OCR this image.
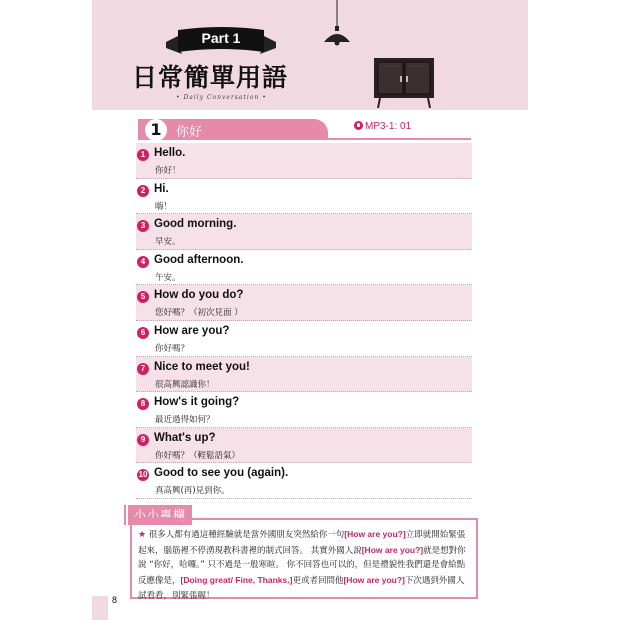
Part 1
日常簡單用語
• Daily Conversation •
1	你好	MP3-1: 01
1 Hello.
你好！
2 Hi.
嗨！
3 Good morning.
早安。
4 Good afternoon.
午安。
5 How do you do?
您好嗎？（初次見面 ）
6 How are you?
你好嗎？
7 Nice to meet you!
很高興認識你！
8 How's it going?
最近過得如何？
9 What's up?
你好嗎？（輕鬆語氣）
10 Good to see you (again).
真高興(再)見到你。
小小專欄
★ 很多人都有過這種經驗就是當外國朋友突然給你一句[How are you?]立即就開始緊張起來，腦筋裡不停湧現教科書裡的制式回答。 其實外國人說[How are you?]就是想對你說 “你好，哈囉。” 只不過是一般寒暄。 你不回答也可以的，但是禮貌性我們還是會給點反應像是，[Doing great/ Fine, Thanks.]更或者回問他[How are you?]下次遇到外國人試看看，別緊張喔！
8
